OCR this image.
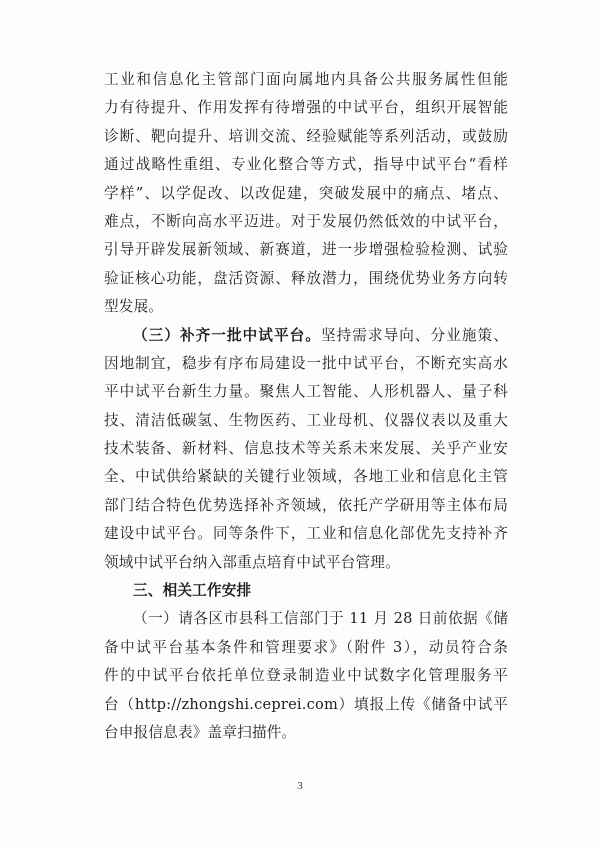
工业和信息化主管部门面向属地内具备公共服务属性但能
力有待提升、作用发挥有待增强的中试平台，组织开展智能
诊断、靶向提升、培训交流、经验赋能等系列活动，或鼓励
通过战略性重组、专业化整合等方式，指导中试平台“看样
学样”、以学促改、以改促建，突破发展中的痛点、堵点、
难点，不断向高水平迈进。对于发展仍然低效的中试平台，
引导开辟发展新领域、新赛道，进一步增强检验检测、试验
验证核心功能，盘活资源、释放潜力，围绕优势业务方向转
型发展。
（三）补齐一批中试平台。坚持需求导向、分业施策、
因地制宜，稳步有序布局建设一批中试平台，不断充实高水
平中试平台新生力量。聚焦人工智能、人形机器人、量子科
技、清洁低碳氢、生物医药、工业母机、仪器仪表以及重大
技术装备、新材料、信息技术等关系未来发展、关乎产业安
全、中试供给紧缺的关键行业领域，各地工业和信息化主管
部门结合特色优势选择补齐领域，依托产学研用等主体布局
建设中试平台。同等条件下，工业和信息化部优先支持补齐
领域中试平台纳入部重点培育中试平台管理。
三、相关工作安排
（一）请各区市县科工信部门于 11 月 28 日前依据《储
备中试平台基本条件和管理要求》（附件 3），动员符合条
件的中试平台依托单位登录制造业中试数字化管理服务平
台（http://zhongshi.ceprei.com）填报上传《储备中试平
台申报信息表》盖章扫描件。
3
